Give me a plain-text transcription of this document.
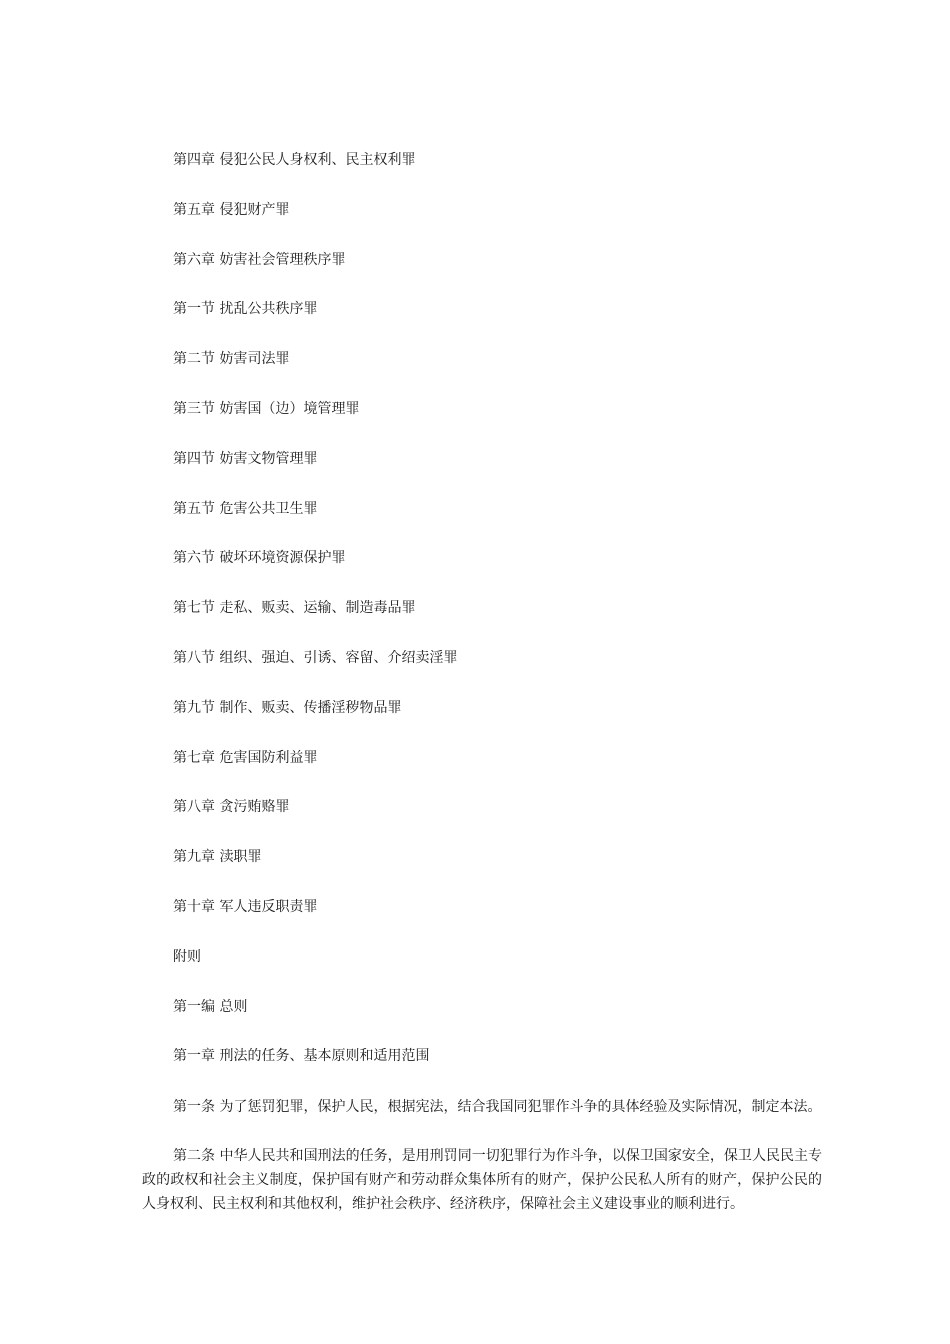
第四章 侵犯公民人身权利、民主权利罪
第五章 侵犯财产罪
第六章 妨害社会管理秩序罪
第一节 扰乱公共秩序罪
第二节 妨害司法罪
第三节 妨害国（边）境管理罪
第四节 妨害文物管理罪
第五节 危害公共卫生罪
第六节 破坏环境资源保护罪
第七节 走私、贩卖、运输、制造毒品罪
第八节 组织、强迫、引诱、容留、介绍卖淫罪
第九节 制作、贩卖、传播淫秽物品罪
第七章 危害国防利益罪
第八章 贪污贿赂罪
第九章 渎职罪
第十章 军人违反职责罪
附则
第一编 总则
第一章 刑法的任务、基本原则和适用范围

第一条 为了惩罚犯罪，保护人民，根据宪法，结合我国同犯罪作斗争的具体经验及实际情况，制定本法。

第二条 中华人民共和国刑法的任务，是用刑罚同一切犯罪行为作斗争，以保卫国家安全，保卫人民民主专政的政权和社会主义制度，保护国有财产和劳动群众集体所有的财产，保护公民私人所有的财产，保护公民的人身权利、民主权利和其他权利，维护社会秩序、经济秩序，保障社会主义建设事业的顺利进行。
